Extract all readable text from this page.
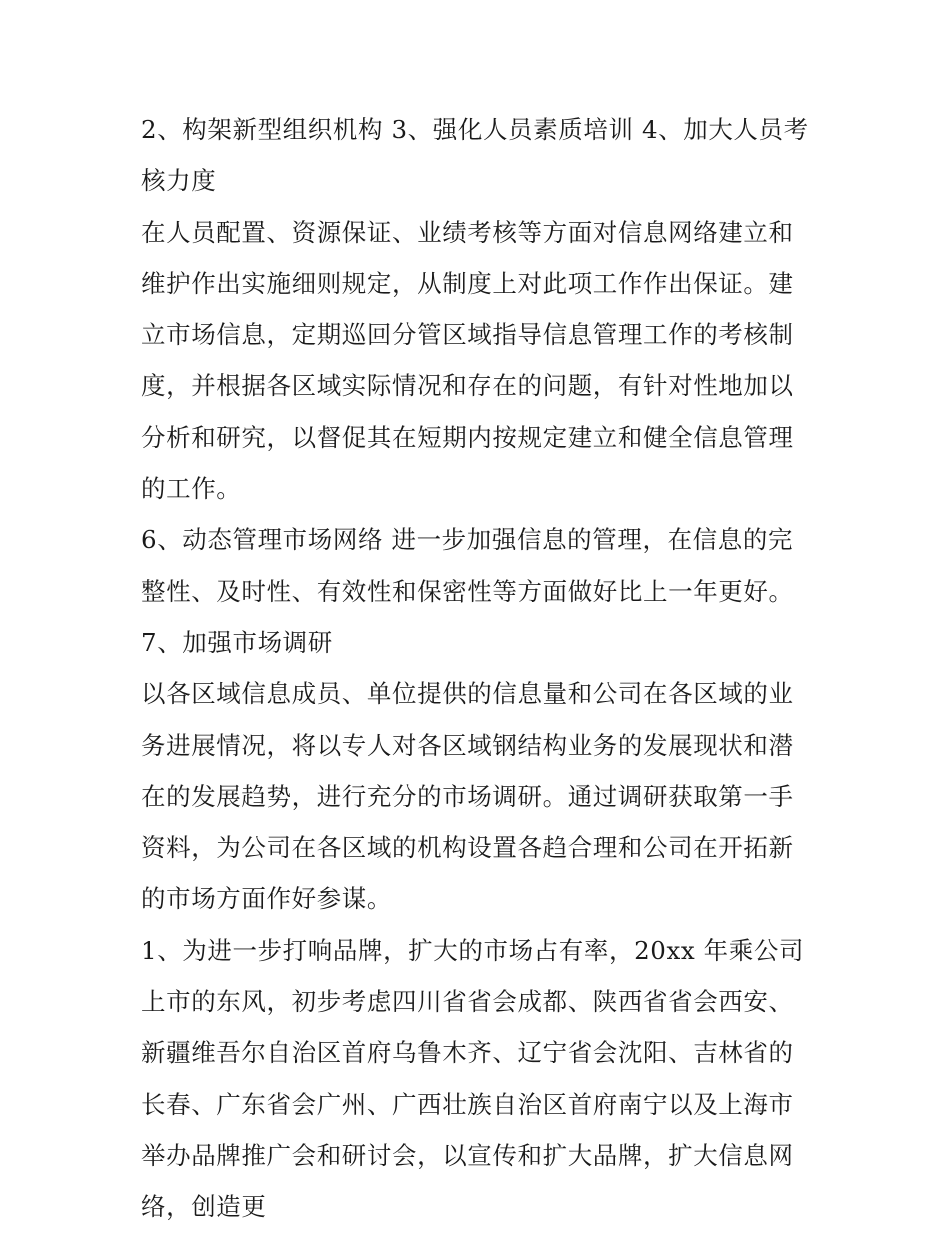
2、构架新型组织机构 3、强化人员素质培训 4、加大人员考核力度

在人员配置、资源保证、业绩考核等方面对信息网络建立和维护作出实施细则规定，从制度上对此项工作作出保证。建立市场信息，定期巡回分管区域指导信息管理工作的考核制度，并根据各区域实际情况和存在的问题，有针对性地加以分析和研究，以督促其在短期内按规定建立和健全信息管理的工作。

6、动态管理市场网络 进一步加强信息的管理，在信息的完整性、及时性、有效性和保密性等方面做好比上一年更好。 7、加强市场调研

以各区域信息成员、单位提供的信息量和公司在各区域的业务进展情况，将以专人对各区域钢结构业务的发展现状和潜在的发展趋势，进行充分的市场调研。通过调研获取第一手资料，为公司在各区域的机构设置各趋合理和公司在开拓新的市场方面作好参谋。

1、为进一步打响品牌，扩大的市场占有率，20xx 年乘公司上市的东风，初步考虑四川省省会成都、陕西省省会西安、新疆维吾尔自治区首府乌鲁木齐、辽宁省会沈阳、吉林省的长春、广东省会广州、广西壮族自治区首府南宁以及上海市举办品牌推广会和研讨会，以宣传和扩大品牌，扩大信息网络，创造更
